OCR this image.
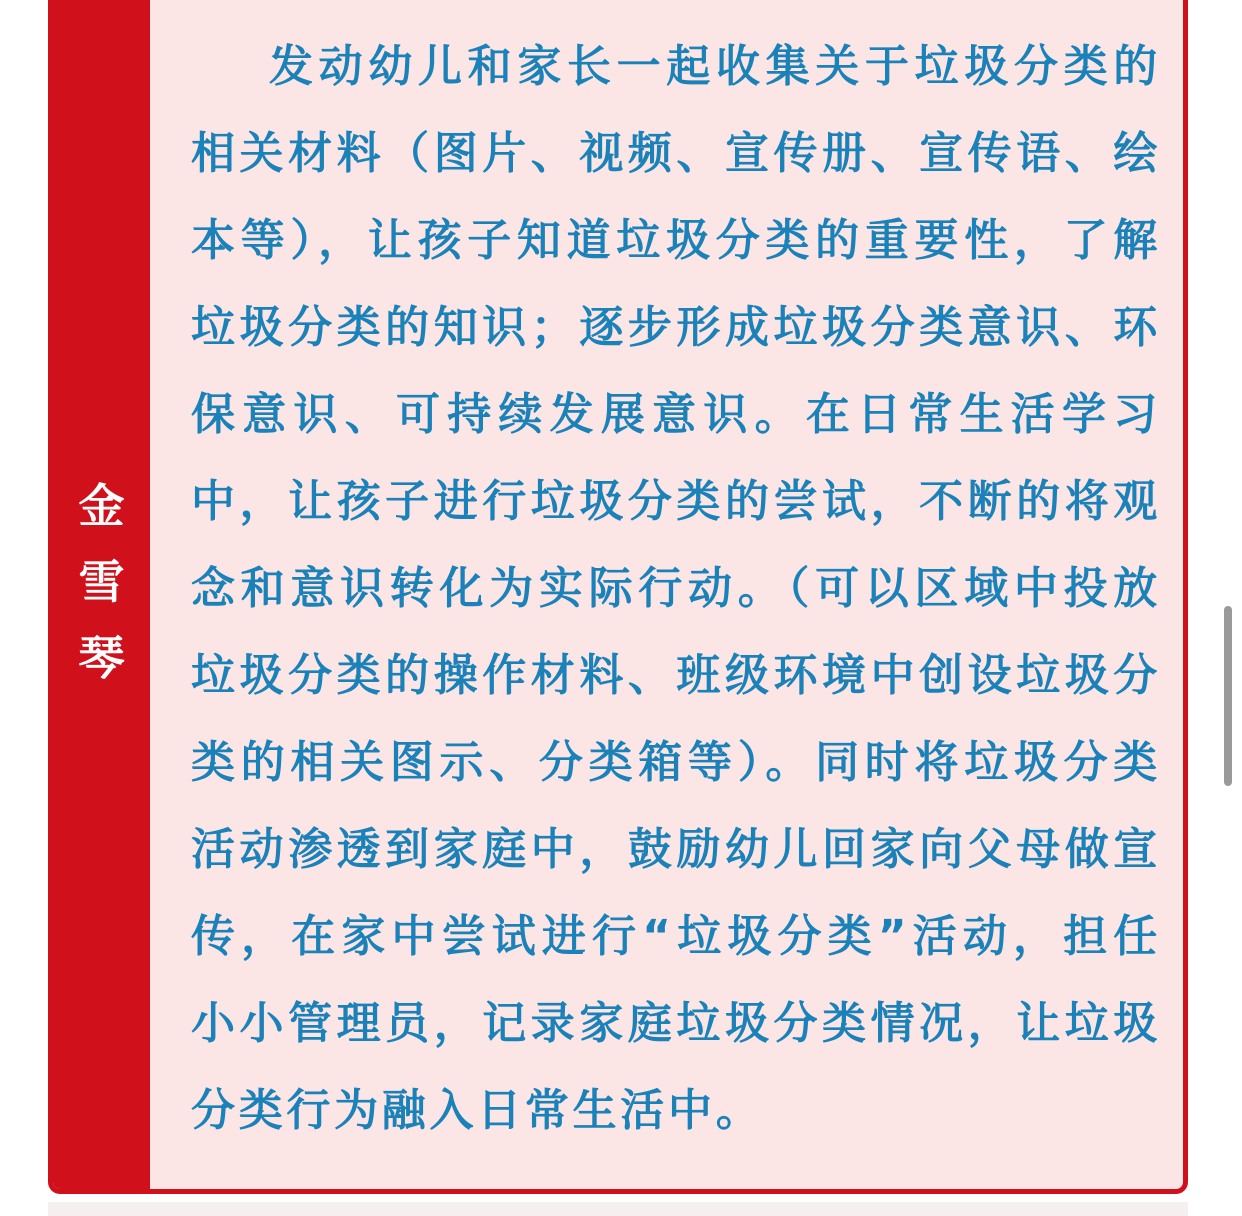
金
雪
琴

发动幼儿和家长一起收集关于垃圾分类的相关材料（图片、视频、宣传册、宣传语、绘本等），让孩子知道垃圾分类的重要性，了解垃圾分类的知识；逐步形成垃圾分类意识、环保意识、可持续发展意识。在日常生活学习中，让孩子进行垃圾分类的尝试，不断的将观念和意识转化为实际行动。（可以区域中投放垃圾分类的操作材料、班级环境中创设垃圾分类的相关图示、分类箱等）。同时将垃圾分类活动渗透到家庭中，鼓励幼儿回家向父母做宣传，在家中尝试进行“垃圾分类”活动，担任小小管理员，记录家庭垃圾分类情况，让垃圾分类行为融入日常生活中。
